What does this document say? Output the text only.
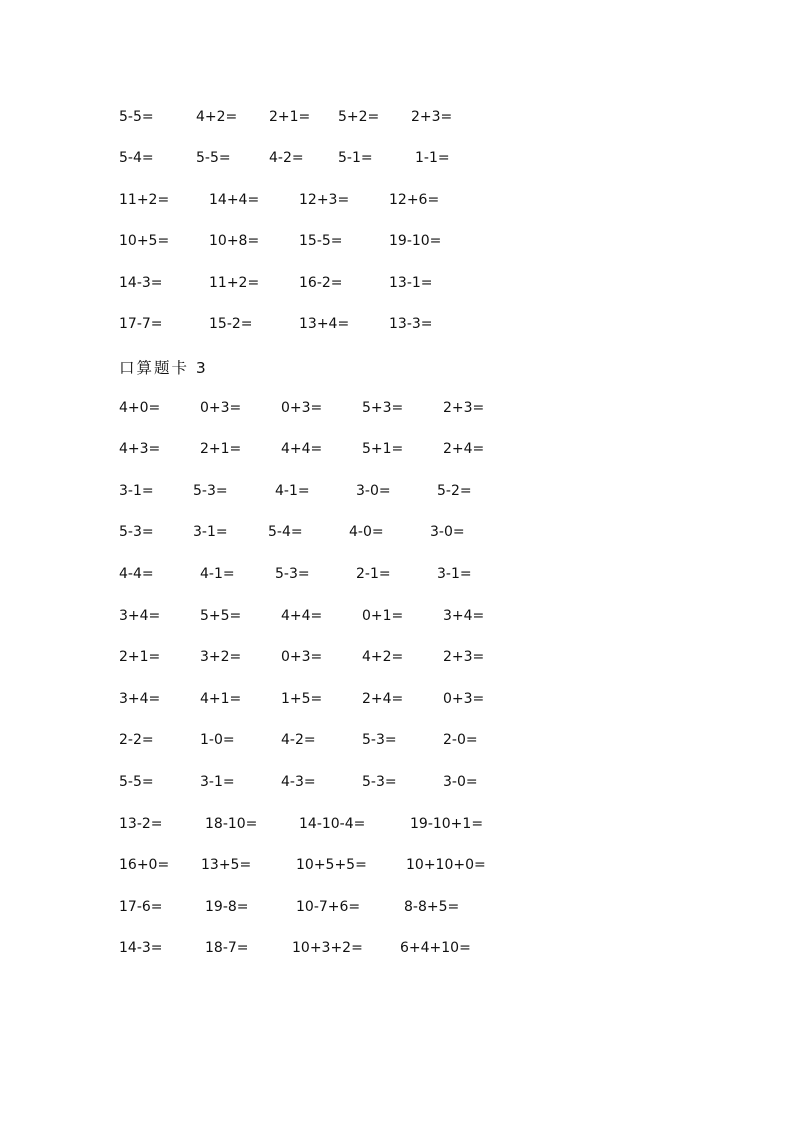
5-5=	4+2= 2+1= 5+2= 2+3=
5-4=	5-5=	4-2= 5-1=	1-1=
11+2=	14+4=	12+3=	12+6=
10+5=	10+8=	15-5=	19-10=
14-3=	11+2=	16-2=	13-1=
17-7=	15-2=	13+4=	13-3=
口算题卡 3
4+0=	0+3=	0+3=	5+3=	2+3=
4+3=	2+1=	4+4=	5+1=	2+4=
3-1=	5-3=	4-1=	3-0=	5-2=
5-3=	3-1=	5-4=	4-0=	3-0=
4-4=	4-1=	5-3=	2-1=	3-1=
3+4=	5+5=	4+4=	0+1=	3+4=
2+1=	3+2=	0+3=	4+2=	2+3=
3+4=	4+1=	1+5=	2+4=	0+3=
2-2=	1-0=	4-2=	5-3=	2-0=
5-5=	3-1=	4-3=	5-3=	3-0=
13-2=	18-10=	14-10-4=	19-10+1=
16+0= 13+5=	10+5+5=	10+10+0=
17-6=	19-8=	10-7+6=	8-8+5=
14-3=	18-7=	10+3+2=	6+4+10=
